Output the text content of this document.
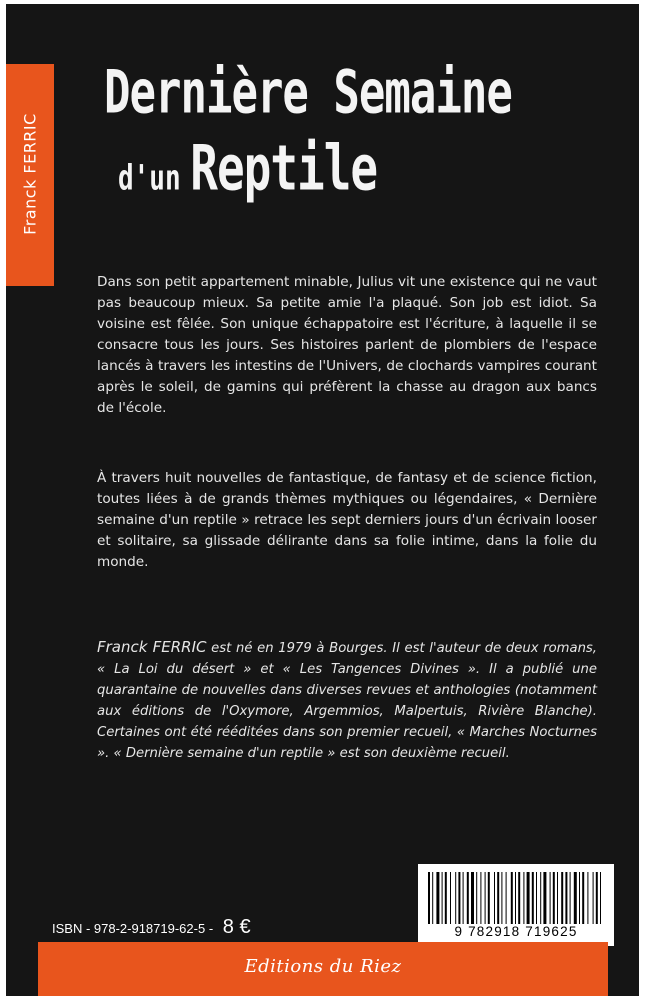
Franck FERRIC
Dernière Semaine
d'un Reptile

Dans son petit appartement minable, Julius vit une existence qui ne vaut pas beaucoup mieux. Sa petite amie l'a plaqué. Son job est idiot. Sa voisine est fêlée. Son unique échappatoire est l'écriture, à laquelle il se consacre tous les jours. Ses histoires parlent de plombiers de l'espace lancés à travers les intestins de l'Univers, de clochards vampires courant après le soleil, de gamins qui préfèrent la chasse au dragon aux bancs de l'école.

À travers huit nouvelles de fantastique, de fantasy et de science fiction, toutes liées à de grands thèmes mythiques ou légendaires, « Dernière semaine d'un reptile » retrace les sept derniers jours d'un écrivain looser et solitaire, sa glissade délirante dans sa folie intime, dans la folie du monde.

Franck FERRIC est né en 1979 à Bourges. Il est l'auteur de deux romans, « La Loi du désert » et « Les Tangences Divines ». Il a publié une quarantaine de nouvelles dans diverses revues et anthologies (notamment aux éditions de l'Oxymore, Argemmios, Malpertuis, Rivière Blanche). Certaines ont été rééditées dans son premier recueil, « Marches Nocturnes ». « Dernière semaine d'un reptile » est son deuxième recueil.

ISBN - 978-2-918719-62-5 - 8 €	9 782918 719625
Editions du Riez
